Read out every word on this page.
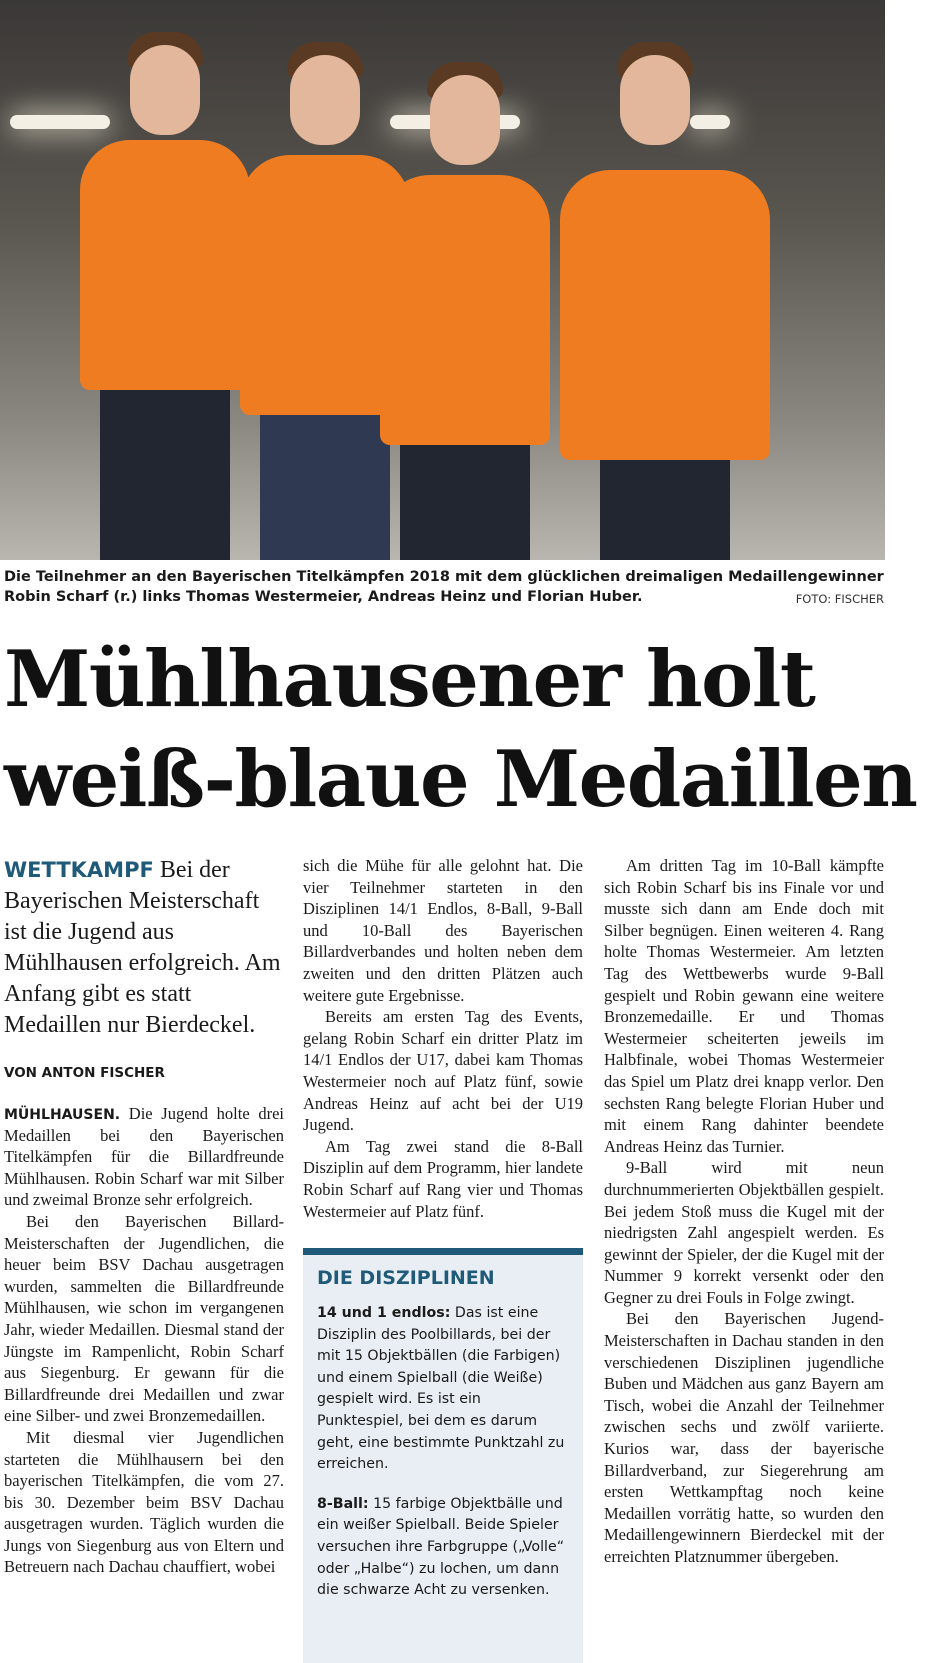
Die Teilnehmer an den Bayerischen Titelkämpfen 2018 mit dem glücklichen dreimaligen Medaillengewinner Robin Scharf (r.) links Thomas Westermeier, Andreas Heinz und Florian Huber.	FOTO: FISCHER
Mühlhausener holt weiß-blaue Medaillen

WETTKAMPF Bei der Bayerischen Meisterschaft ist die Jugend aus Mühlhausen erfolgreich. Am Anfang gibt es statt Medaillen nur Bierdeckel.

VON ANTON FISCHER

MÜHLHAUSEN. Die Jugend holte drei Medaillen bei den Bayerischen Titelkämpfen für die Billardfreunde Mühlhausen. Robin Scharf war mit Silber und zweimal Bronze sehr erfolgreich.

Bei den Bayerischen Billard-Meisterschaften der Jugendlichen, die heuer beim BSV Dachau ausgetragen wurden, sammelten die Billardfreunde Mühlhausen, wie schon im vergangenen Jahr, wieder Medaillen. Diesmal stand der Jüngste im Rampenlicht, Robin Scharf aus Siegenburg. Er gewann für die Billardfreunde drei Medaillen und zwar eine Silber- und zwei Bronzemedaillen.

Mit diesmal vier Jugendlichen starteten die Mühlhausern bei den bayerischen Titelkämpfen, die vom 27. bis 30. Dezember beim BSV Dachau ausgetragen wurden. Täglich wurden die Jungs von Siegenburg aus von Eltern und Betreuern nach Dachau chauffiert, wobei

sich die Mühe für alle gelohnt hat. Die vier Teilnehmer starteten in den Disziplinen 14/1 Endlos, 8-Ball, 9-Ball und 10-Ball des Bayerischen Billardverbandes und holten neben dem zweiten und den dritten Plätzen auch weitere gute Ergebnisse.

Bereits am ersten Tag des Events, gelang Robin Scharf ein dritter Platz im 14/1 Endlos der U17, dabei kam Thomas Westermeier noch auf Platz fünf, sowie Andreas Heinz auf acht bei der U19 Jugend.

Am Tag zwei stand die 8-Ball Disziplin auf dem Programm, hier landete Robin Scharf auf Rang vier und Thomas Westermeier auf Platz fünf.

DIE DISZIPLINEN

14 und 1 endlos: Das ist eine Disziplin des Poolbillards, bei der mit 15 Objektbällen (die Farbigen) und einem Spielball (die Weiße) gespielt wird. Es ist ein Punktespiel, bei dem es darum geht, eine bestimmte Punktzahl zu erreichen.

8-Ball: 15 farbige Objektbälle und ein weißer Spielball. Beide Spieler versuchen ihre Farbgruppe („Volle“ oder „Halbe“) zu lochen, um dann die schwarze Acht zu versenken.

Am dritten Tag im 10-Ball kämpfte sich Robin Scharf bis ins Finale vor und musste sich dann am Ende doch mit Silber begnügen. Einen weiteren 4. Rang holte Thomas Westermeier. Am letzten Tag des Wettbewerbs wurde 9-Ball gespielt und Robin gewann eine weitere Bronzemedaille. Er und Thomas Westermeier scheiterten jeweils im Halbfinale, wobei Thomas Westermeier das Spiel um Platz drei knapp verlor. Den sechsten Rang belegte Florian Huber und mit einem Rang dahinter beendete Andreas Heinz das Turnier.

9-Ball wird mit neun durchnummerierten Objektbällen gespielt. Bei jedem Stoß muss die Kugel mit der niedrigsten Zahl angespielt werden. Es gewinnt der Spieler, der die Kugel mit der Nummer 9 korrekt versenkt oder den Gegner zu drei Fouls in Folge zwingt.

Bei den Bayerischen Jugend-Meisterschaften in Dachau standen in den verschiedenen Disziplinen jugendliche Buben und Mädchen aus ganz Bayern am Tisch, wobei die Anzahl der Teilnehmer zwischen sechs und zwölf variierte. Kurios war, dass der bayerische Billardverband, zur Siegerehrung am ersten Wettkampftag noch keine Medaillen vorrätig hatte, so wurden den Medaillengewinnern Bierdeckel mit der erreichten Platznummer übergeben.
